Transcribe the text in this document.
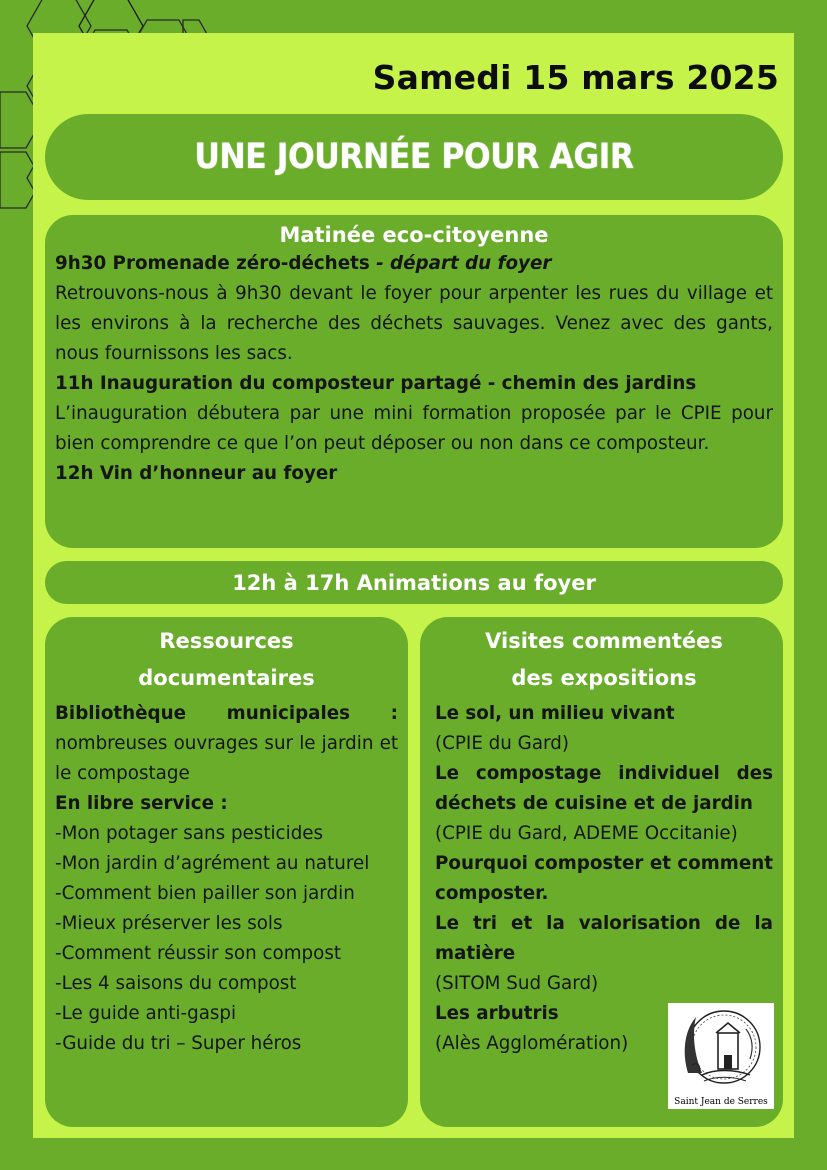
Samedi 15 mars 2025
UNE JOURNÉE POUR AGIR
Matinée eco-citoyenne
9h30 Promenade zéro-déchets - départ du foyer
Retrouvons-nous à 9h30 devant le foyer pour arpenter les rues du village et les environs à la recherche des déchets sauvages. Venez avec des gants, nous fournissons les sacs.
11h Inauguration du composteur partagé - chemin des jardins
L’inauguration débutera par une mini formation proposée par le CPIE pour bien comprendre ce que l’on peut déposer ou non dans ce composteur.
12h Vin d’honneur au foyer
12h à 17h Animations au foyer
Ressources
documentaires
Bibliothèque municipales :
nombreuses ouvrages sur le jardin et le compostage
En libre service :
-Mon potager sans pesticides
-Mon jardin d’agrément au naturel
-Comment bien pailler son jardin
-Mieux préserver les sols
-Comment réussir son compost
-Les 4 saisons du compost
-Le guide anti-gaspi
-Guide du tri – Super héros
Visites commentées
des expositions
Le sol, un milieu vivant
(CPIE du Gard)
Le compostage individuel des déchets de cuisine et de jardin
(CPIE du Gard, ADEME Occitanie)
Pourquoi composter et comment composter.
Le tri et la valorisation de la matière
(SITOM Sud Gard)
Les arbutris
(Alès Agglomération)
Saint Jean de Serres
